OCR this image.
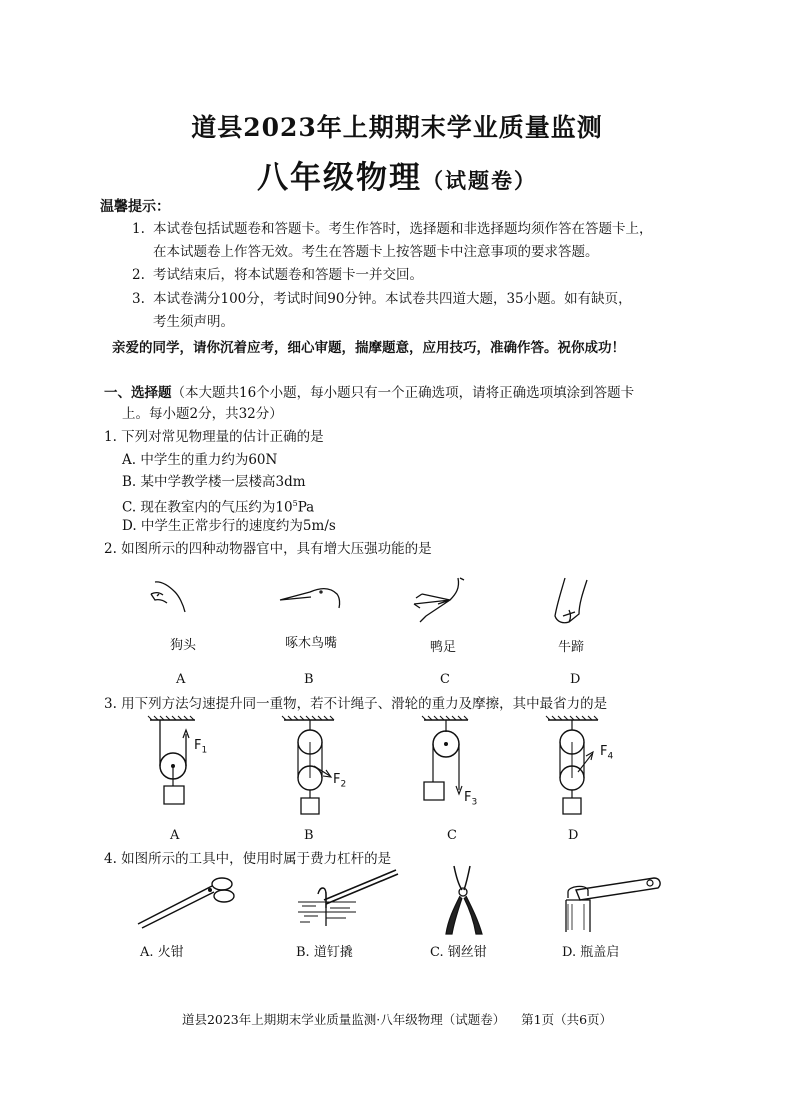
道县2023年上期期末学业质量监测
八年级物理（试题卷）
温馨提示：
1. 本试卷包括试题卷和答题卡。考生作答时，选择题和非选择题均须作答在答题卡上，
在本试题卷上作答无效。考生在答题卡上按答题卡中注意事项的要求答题。
2. 考试结束后，将本试题卷和答题卡一并交回。
3. 本试卷满分100分，考试时间90分钟。本试卷共四道大题，35小题。如有缺页，
考生须声明。
亲爱的同学，请你沉着应考，细心审题，揣摩题意，应用技巧，准确作答。祝你成功！
一、选择题（本大题共16个小题，每小题只有一个正确选项，请将正确选项填涂到答题卡
上。每小题2分，共32分）
1. 下列对常见物理量的估计正确的是
A. 中学生的重力约为60N
B. 某中学教学楼一层楼高3dm
C. 现在教室内的气压约为$10^5Pa$
D. 中学生正常步行的速度约为5m/s
2. 如图所示的四种动物器官中，具有增大压强功能的是
狗头	啄木鸟嘴	鸭足	牛蹄
A	B	C	D
3. 用下列方法匀速提升同一重物，若不计绳子、滑轮的重力及摩擦，其中最省力的是
$F_1$
$F_2$
$F_3$
$F_4$
A	B	C	D
4. 如图所示的工具中，使用时属于费力杠杆的是
A. 火钳	B. 道钉撬	C. 钢丝钳	D. 瓶盖启
道县2023年上期期末学业质量监测·八年级物理（试题卷）    第1页（共6页）
